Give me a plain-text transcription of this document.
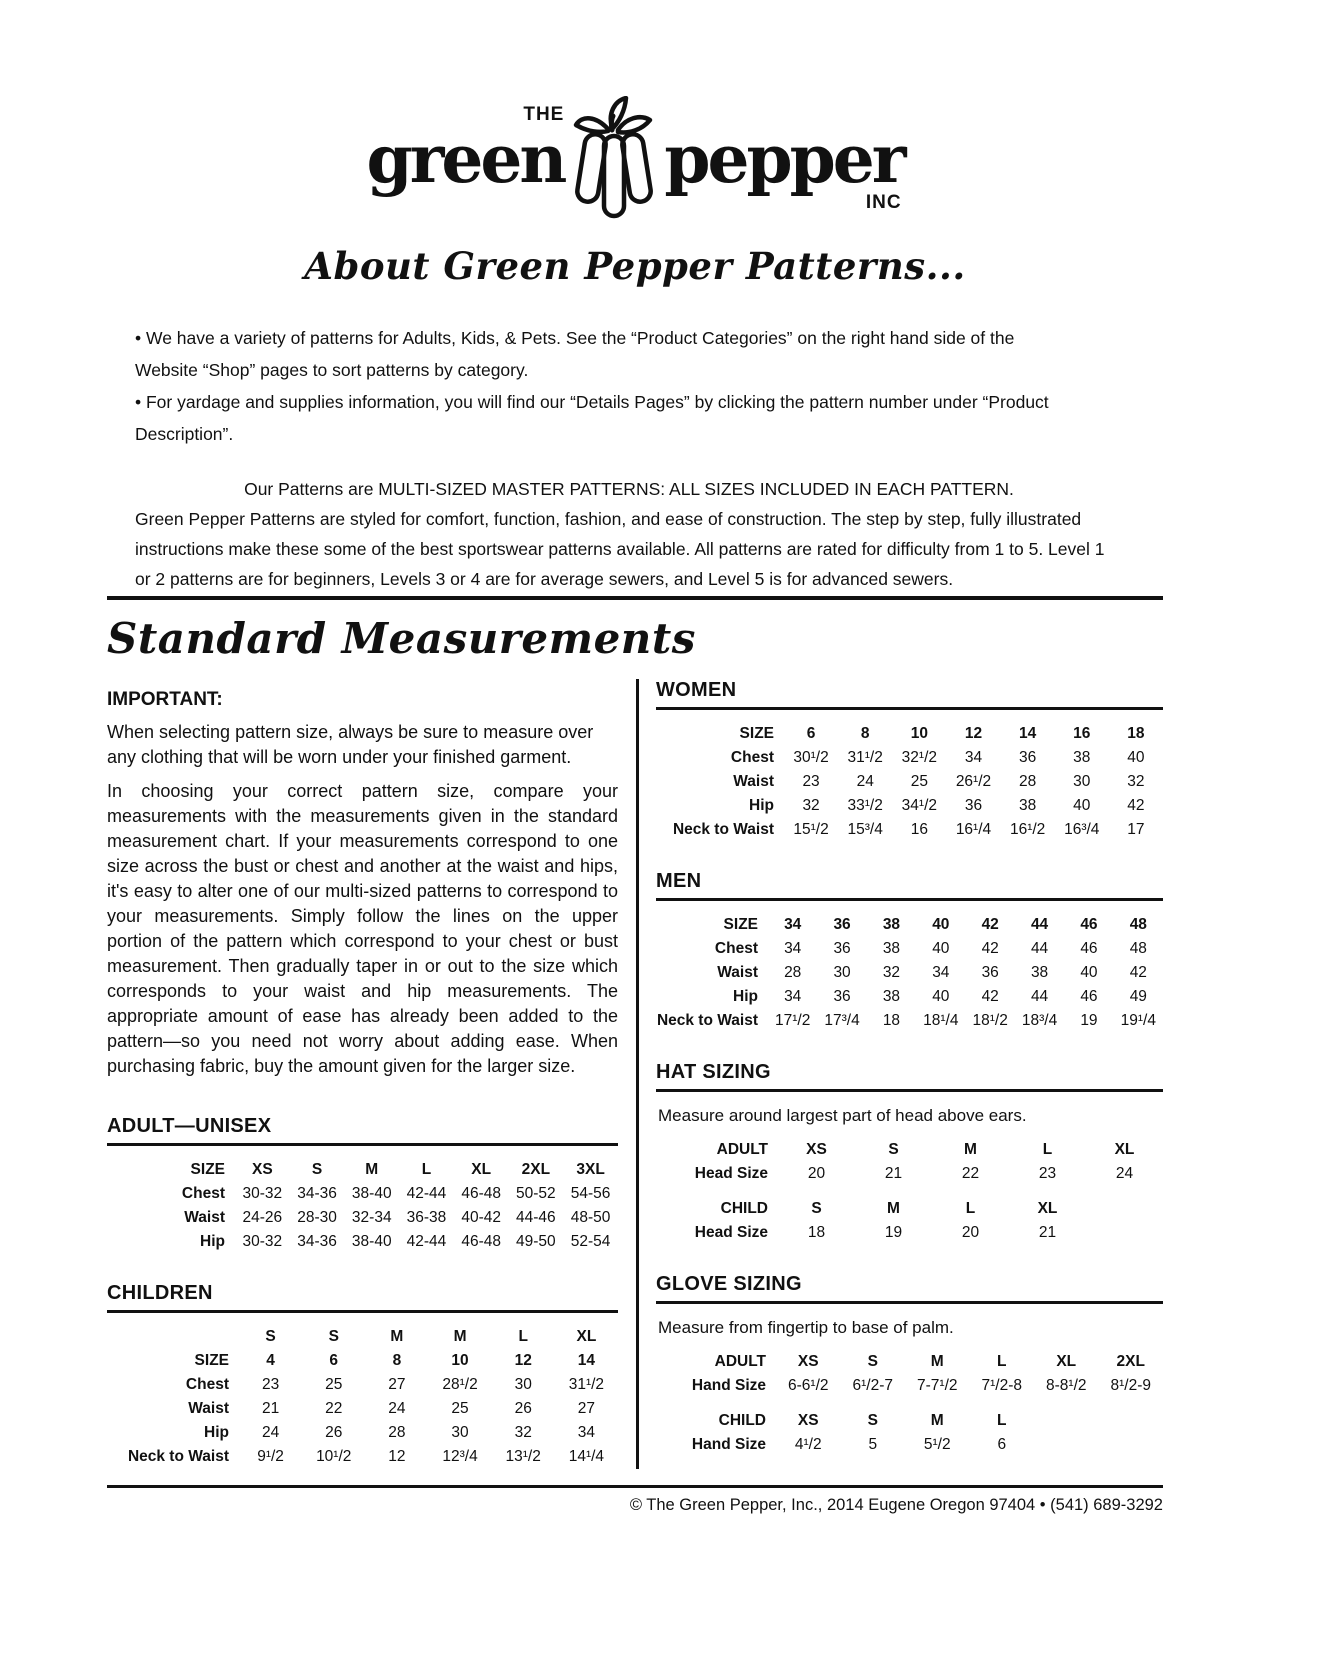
THE
green pepper
INC
About Green Pepper Patterns...

• We have a variety of patterns for Adults, Kids, & Pets. See the “Product Categories” on the right hand side of the Website “Shop” pages to sort patterns by category.

• For yardage and supplies information, you will find our “Details Pages” by clicking the pattern number under “Product Description”.

Our Patterns are MULTI-SIZED MASTER PATTERNS: ALL SIZES INCLUDED IN EACH PATTERN.
Green Pepper Patterns are styled for comfort, function, fashion, and ease of construction. The step by step, fully illustrated instructions make these some of the best sportswear patterns available. All patterns are rated for difficulty from 1 to 5. Level 1 or 2 patterns are for beginners, Levels 3 or 4 are for average sewers, and Level 5 is for advanced sewers.
Standard Measurements

IMPORTANT:

When selecting pattern size, always be sure to measure over any clothing that will be worn under your finished garment.

In choosing your correct pattern size, compare your measurements with the measurements given in the standard measurement chart. If your measurements correspond to one size across the bust or chest and another at the waist and hips, it's easy to alter one of our multi-sized patterns to correspond to your measurements. Simply follow the lines on the upper portion of the pattern which correspond to your chest or bust measurement. Then gradually taper in or out to the size which corresponds to your waist and hip measurements. The appropriate amount of ease has already been added to the pattern—so you need not worry about adding ease. When purchasing fabric, buy the amount given for the larger size.

ADULT—UNISEX
SIZE	XS	S	M	L	XL	2XL	3XL
Chest	30-32	34-36	38-40	42-44	46-48	50-52	54-56
Waist	24-26	28-30	32-34	36-38	40-42	44-46	48-50
Hip	30-32	34-36	38-40	42-44	46-48	49-50	52-54
CHILDREN
	S	S	M	M	L	XL
SIZE	4	6	8	10	12	14
Chest	23	25	27	28¹/2	30	31¹/2
Waist	21	22	24	25	26	27
Hip	24	26	28	30	32	34
Neck to Waist	9¹/2	10¹/2	12	12³/4	13¹/2	14¹/4
WOMEN
SIZE	6	8	10	12	14	16	18
Chest	30¹/2	31¹/2	32¹/2	34	36	38	40
Waist	23	24	25	26¹/2	28	30	32
Hip	32	33¹/2	34¹/2	36	38	40	42
Neck to Waist	15¹/2	15³/4	16	16¹/4	16¹/2	16³/4	17
MEN
SIZE	34	36	38	40	42	44	46	48
Chest	34	36	38	40	42	44	46	48
Waist	28	30	32	34	36	38	40	42
Hip	34	36	38	40	42	44	46	49
Neck to Waist	17¹/2	17³/4	18	18¹/4	18¹/2	18³/4	19	19¹/4
HAT SIZING

Measure around largest part of head above ears.

ADULT	XS	S	M	L	XL
Head Size	20	21	22	23	24
CHILD	S	M	L	XL	
Head Size	18	19	20	21	
GLOVE SIZING

Measure from fingertip to base of palm.

ADULT	XS	S	M	L	XL	2XL
Hand Size	6-6¹/2	6¹/2-7	7-7¹/2	7¹/2-8	8-8¹/2	8¹/2-9
CHILD	XS	S	M	L		
Hand Size	4¹/2	5	5¹/2	6		
© The Green Pepper, Inc., 2014 Eugene Oregon 97404 • (541) 689-3292
